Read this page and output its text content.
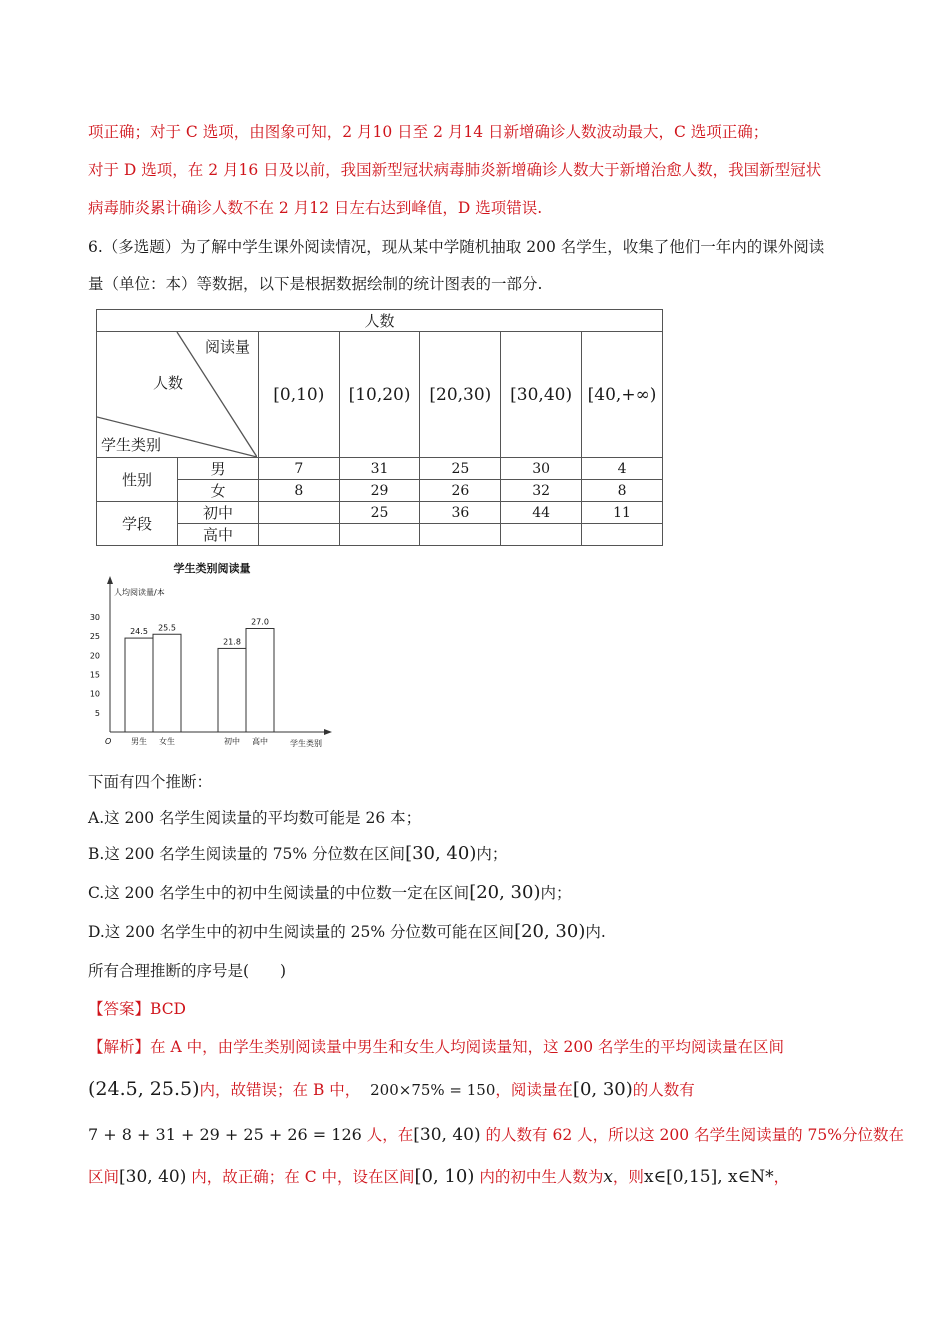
项正确；对于 C 选项，由图象可知，2 月10 日至 2 月14 日新增确诊人数波动最大，C 选项正确；
对于 D 选项，在 2 月16 日及以前，我国新型冠状病毒肺炎新增确诊人数大于新增治愈人数，我国新型冠状
病毒肺炎累计确诊人数不在 2 月12 日左右达到峰值，D 选项错误.
6.（多选题）为了解中学生课外阅读情况，现从某中学随机抽取 200 名学生，收集了他们一年内的课外阅读
量（单位：本）等数据，以下是根据数据绘制的统计图表的一部分.
人数						

阅读量
人数
学生类别		[0,10)	[10,20)	[20,30)	[30,40)	[40,+∞)
性别	男	7	31	25	30	4
	女	8	29	26	32	8
学段	初中		25	36	44	11
	高中					
学生类别阅读量
人均阅读量/本
学生类别
O
5
10
15
20
25
30
24.5
男生
25.5
女生
21.8
初中
27.0
高中
下面有四个推断：
A.这 200 名学生阅读量的平均数可能是 26 本；
B.这 200 名学生阅读量的 75% 分位数在区间[30, 40)内；
C.这 200 名学生中的初中生阅读量的中位数一定在区间[20, 30)内；
D.这 200 名学生中的初中生阅读量的 25% 分位数可能在区间[20, 30)内.
所有合理推断的序号是(　　)
【答案】BCD
【解析】在 A 中，由学生类别阅读量中男生和女生人均阅读量知，这 200 名学生的平均阅读量在区间
(24.5, 25.5)内，故错误；在 B 中， 200×75% = 150，阅读量在[0, 30)的人数有
7 + 8 + 31 + 29 + 25 + 26 = 126 人，在[30, 40) 的人数有 62 人，所以这 200 名学生阅读量的 75%分位数在
区间[30, 40) 内，故正确；在 C 中，设在区间[0, 10) 内的初中生人数为x，则x∈[0,15], x∈N*，
